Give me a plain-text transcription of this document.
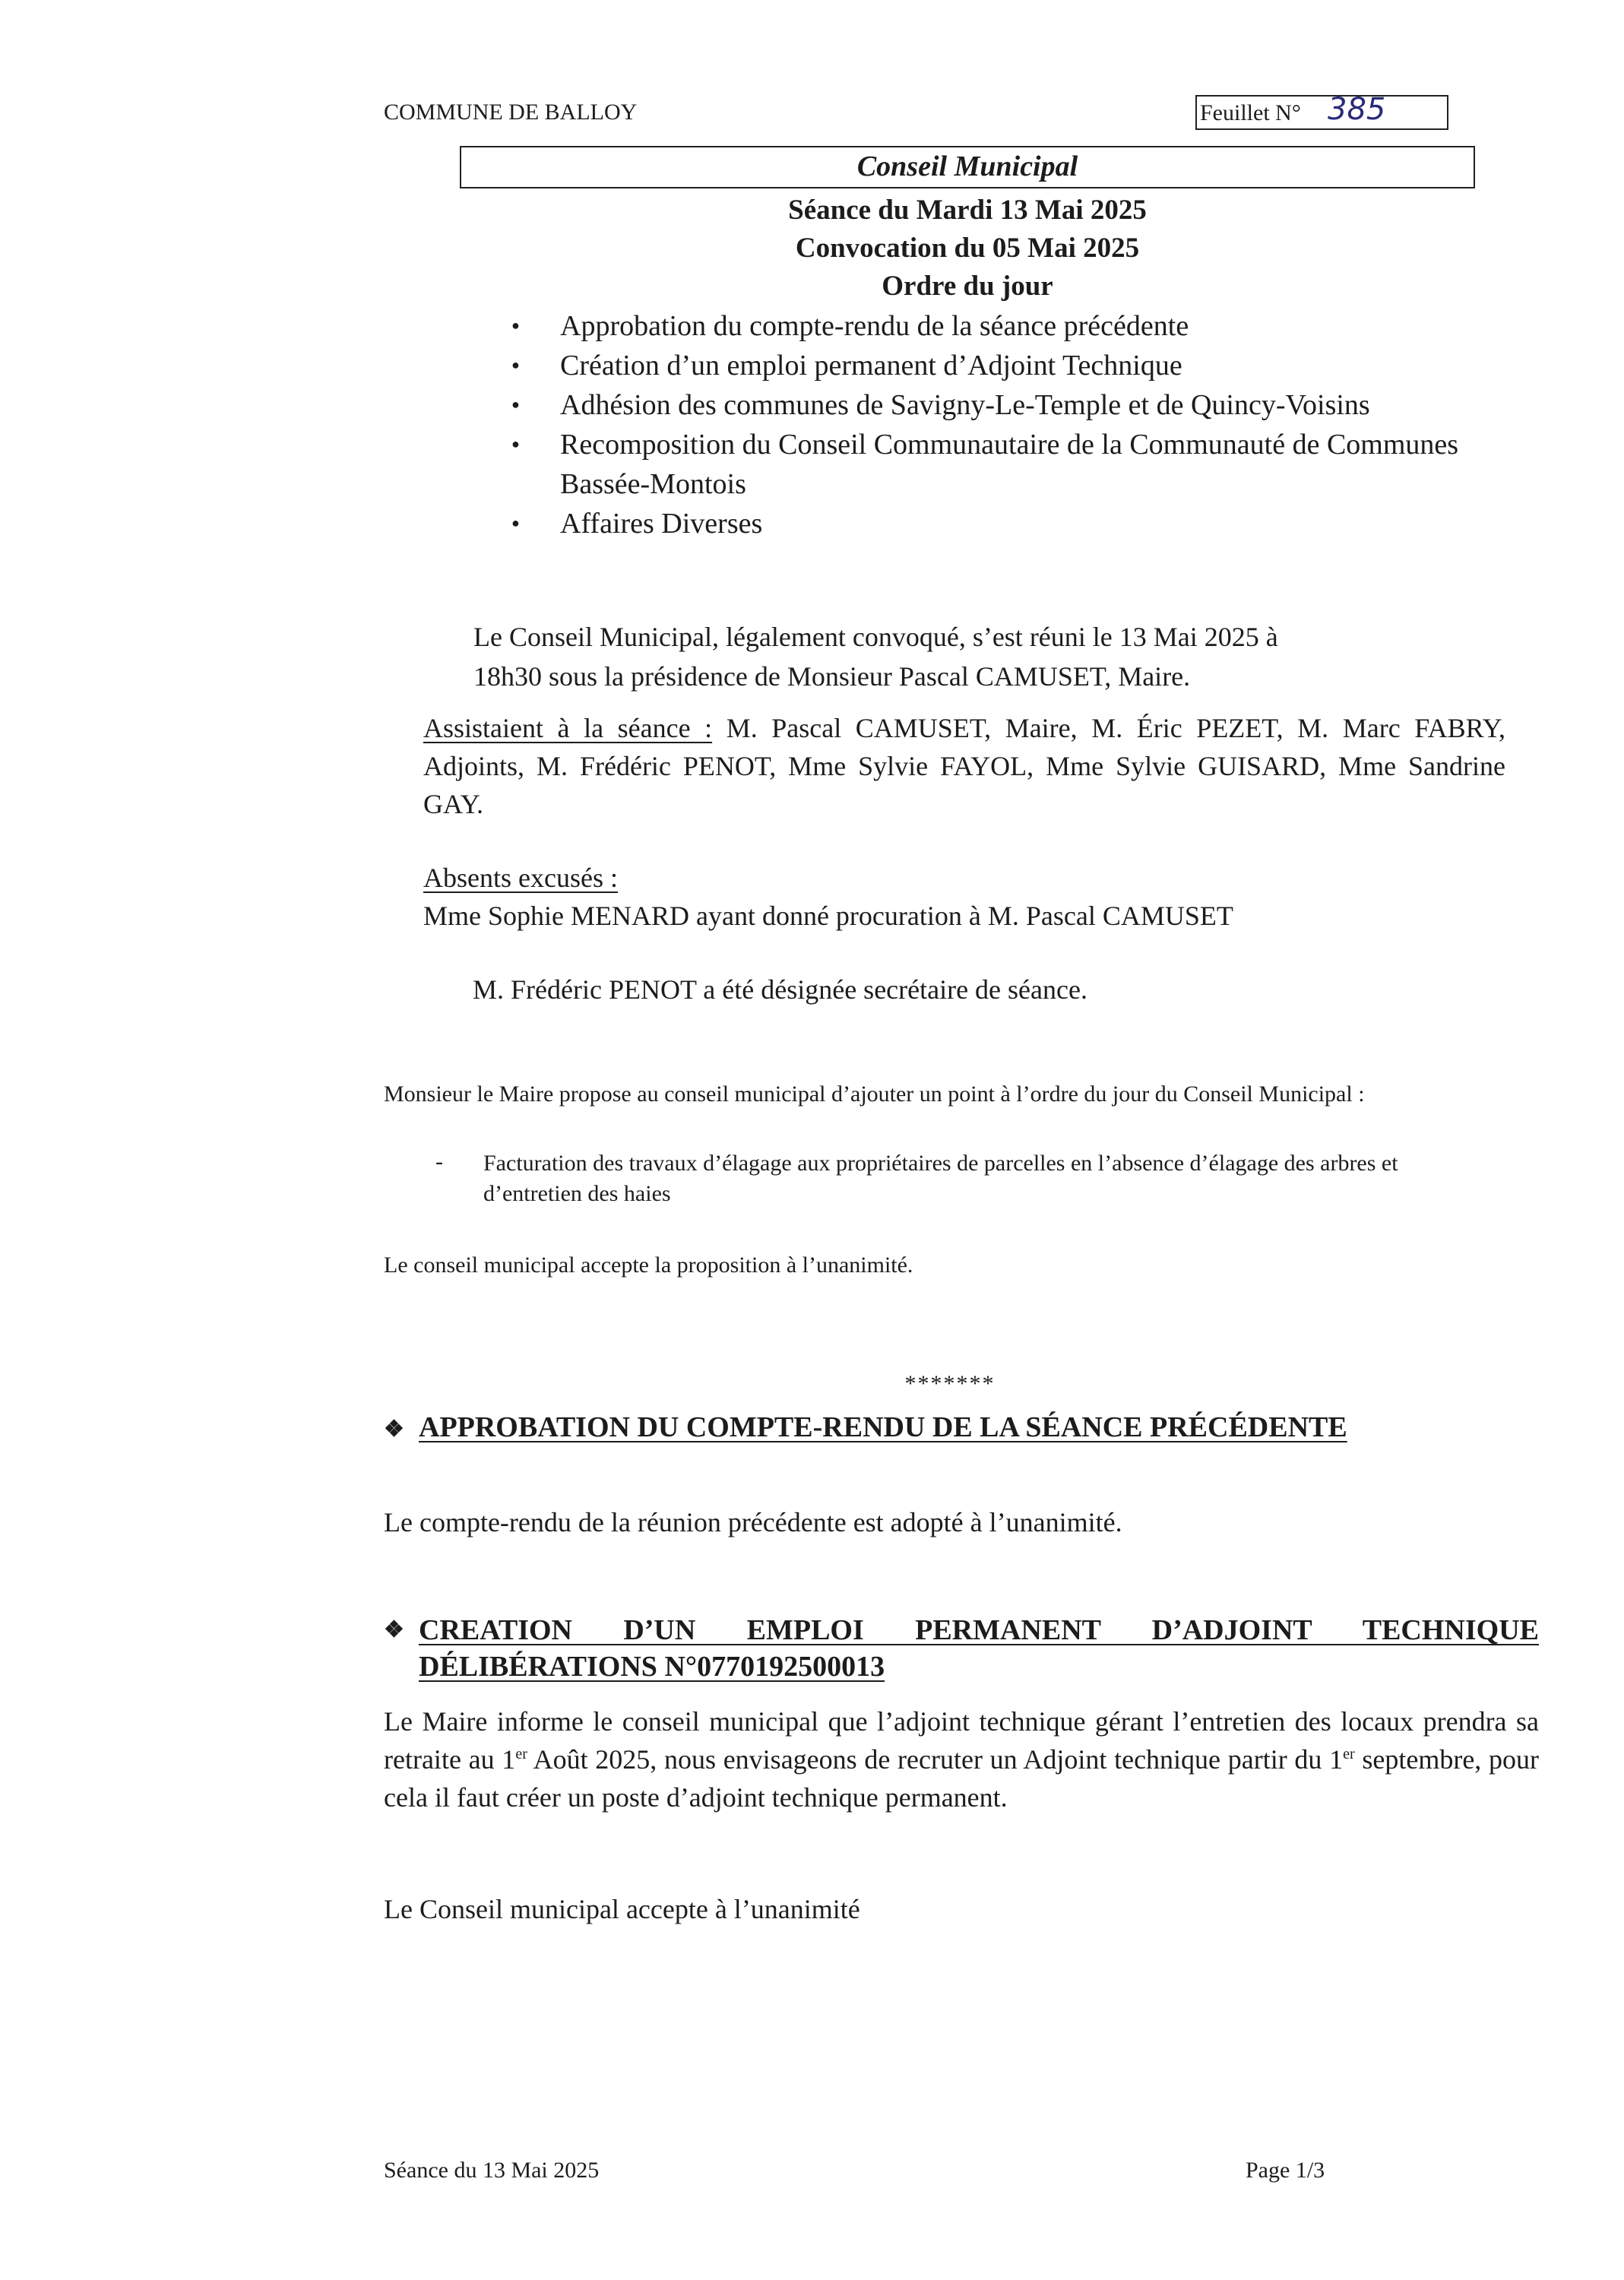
COMMUNE DE BALLOY	Feuillet N° 385
Conseil Municipal
Séance du Mardi 13 Mai 2025
Convocation du 05 Mai 2025
Ordre du jour
● Approbation du compte-rendu de la séance précédente
● Création d’un emploi permanent d’Adjoint Technique
● Adhésion des communes de Savigny-Le-Temple et de Quincy-Voisins
● Recomposition du Conseil Communautaire de la Communauté de Communes Bassée-Montois
● Affaires Diverses
Le Conseil Municipal, légalement convoqué, s’est réuni le 13 Mai 2025 à
18h30 sous la présidence de Monsieur Pascal CAMUSET, Maire.
Assistaient à la séance : M. Pascal CAMUSET, Maire, M. Éric PEZET, M. Marc FABRY, Adjoints, M. Frédéric PENOT, Mme Sylvie FAYOL, Mme Sylvie GUISARD, Mme Sandrine GAY.
Absents excusés :
Mme Sophie MENARD ayant donné procuration à M. Pascal CAMUSET
M. Frédéric PENOT a été désignée secrétaire de séance.
Monsieur le Maire propose au conseil municipal d’ajouter un point à l’ordre du jour du Conseil Municipal :
- Facturation des travaux d’élagage aux propriétaires de parcelles en l’absence d’élagage des arbres et d’entretien des haies
Le conseil municipal accepte la proposition à l’unanimité.
*******
❖ APPROBATION DU COMPTE-RENDU DE LA SÉANCE PRÉCÉDENTE
Le compte-rendu de la réunion précédente est adopté à l’unanimité.
❖ CREATION D’UN EMPLOI PERMANENT D’ADJOINT TECHNIQUE
DÉLIBÉRATIONS N°0770192500013
Le Maire informe le conseil municipal que l’adjoint technique gérant l’entretien des locaux prendra sa retraite au 1er Août 2025, nous envisageons de recruter un Adjoint technique partir du 1er septembre, pour cela il faut créer un poste d’adjoint technique permanent.
Le Conseil municipal accepte à l’unanimité
Séance du 13 Mai 2025	Page 1/3
